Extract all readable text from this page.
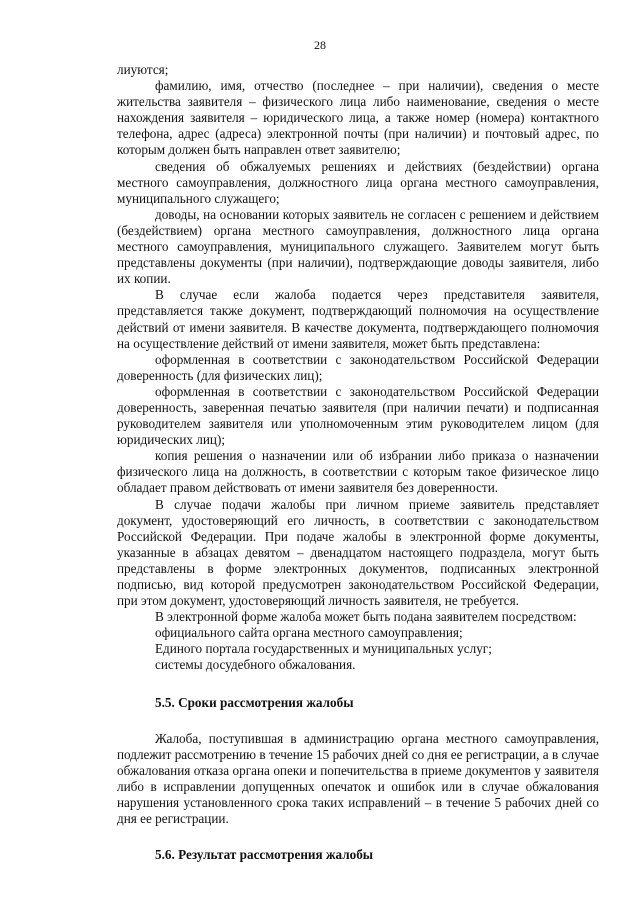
28

лиуются;

фамилию, имя, отчество (последнее – при наличии), сведения о месте жительства заявителя – физического лица либо наименование, сведения о месте нахождения заявителя – юридического лица, а также номер (номера) контактного телефона, адрес (адреса) электронной почты (при наличии) и почтовый адрес, по которым должен быть направлен ответ заявителю;

сведения об обжалуемых решениях и действиях (бездействии) органа местного самоуправления, должностного лица органа местного самоуправления, муниципального служащего;

доводы, на основании которых заявитель не согласен с решением и действием (бездействием) органа местного самоуправления, должностного лица органа местного самоуправления, муниципального служащего. Заявителем могут быть представлены документы (при наличии), подтверждающие доводы заявителя, либо их копии.

В случае если жалоба подается через представителя заявителя, представляется также документ, подтверждающий полномочия на осуществление действий от имени заявителя. В качестве документа, подтверждающего полномочия на осуществление действий от имени заявителя, может быть представлена:

оформленная в соответствии с законодательством Российской Федерации доверенность (для физических лиц);

оформленная в соответствии с законодательством Российской Федерации доверенность, заверенная печатью заявителя (при наличии печати) и подписанная руководителем заявителя или уполномоченным этим руководителем лицом (для юридических лиц);

копия решения о назначении или об избрании либо приказа о назначении физического лица на должность, в соответствии с которым такое физическое лицо обладает правом действовать от имени заявителя без доверенности.

В случае подачи жалобы при личном приеме заявитель представляет документ, удостоверяющий его личность, в соответствии с законодательством Российской Федерации. При подаче жалобы в электронной форме документы, указанные в абзацах девятом – двенадцатом настоящего подраздела, могут быть представлены в форме электронных документов, подписанных электронной подписью, вид которой предусмотрен законодательством Российской Федерации, при этом документ, удостоверяющий личность заявителя, не требуется.

В электронной форме жалоба может быть подана заявителем посредством:

официального сайта органа местного самоуправления;

Единого портала государственных и муниципальных услуг;

системы досудебного обжалования.

5.5. Сроки рассмотрения жалобы

Жалоба, поступившая в администрацию органа местного самоуправления, подлежит рассмотрению в течение 15 рабочих дней со дня ее регистрации, а в случае обжалования отказа органа опеки и попечительства в приеме документов у заявителя либо в исправлении допущенных опечаток и ошибок или в случае обжалования нарушения установленного срока таких исправлений – в течение 5 рабочих дней со дня ее регистрации.

5.6. Результат рассмотрения жалобы
